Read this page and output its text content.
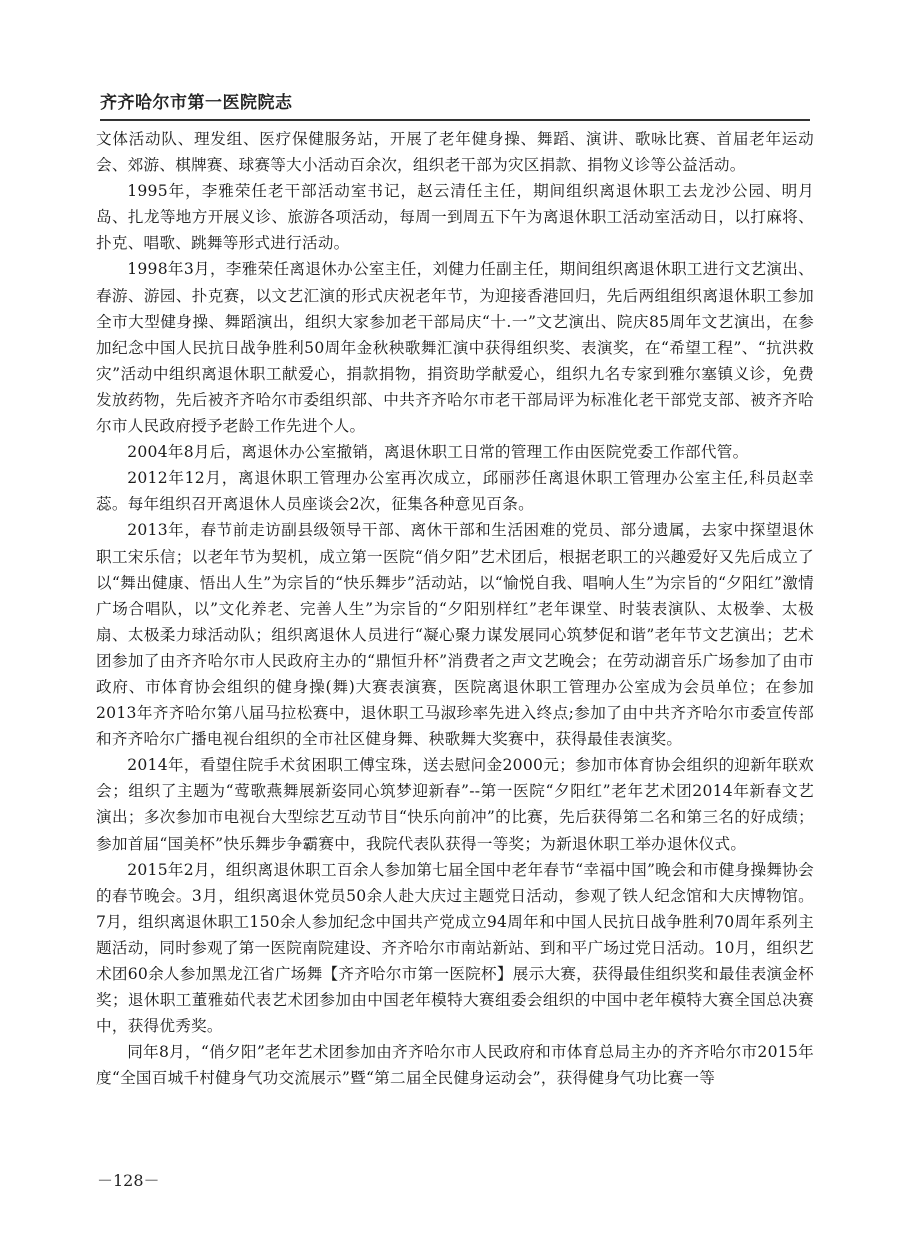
齐齐哈尔市第一医院院志

文体活动队、理发组、医疗保健服务站，开展了老年健身操、舞蹈、演讲、歌咏比赛、首届老年运动会、郊游、棋牌赛、球赛等大小活动百余次，组织老干部为灾区捐款、捐物义诊等公益活动。

1995年，李雅荣任老干部活动室书记，赵云清任主任，期间组织离退休职工去龙沙公园、明月岛、扎龙等地方开展义诊、旅游各项活动，每周一到周五下午为离退休职工活动室活动日，以打麻将、扑克、唱歌、跳舞等形式进行活动。

1998年3月，李雅荣任离退休办公室主任，刘健力任副主任，期间组织离退休职工进行文艺演出、春游、游园、扑克赛，以文艺汇演的形式庆祝老年节，为迎接香港回归，先后两组组织离退休职工参加全市大型健身操、舞蹈演出，组织大家参加老干部局庆“十.一”文艺演出、院庆85周年文艺演出，在参加纪念中国人民抗日战争胜利50周年金秋秧歌舞汇演中获得组织奖、表演奖，在“希望工程”、“抗洪救灾”活动中组织离退休职工献爱心，捐款捐物，捐资助学献爱心，组织九名专家到雅尔塞镇义诊，免费发放药物，先后被齐齐哈尔市委组织部、中共齐齐哈尔市老干部局评为标准化老干部党支部、被齐齐哈尔市人民政府授予老龄工作先进个人。

2004年8月后，离退休办公室撤销，离退休职工日常的管理工作由医院党委工作部代管。

2012年12月，离退休职工管理办公室再次成立，邱丽莎任离退休职工管理办公室主任,科员赵幸蕊。每年组织召开离退休人员座谈会2次，征集各种意见百条。

2013年，春节前走访副县级领导干部、离休干部和生活困难的党员、部分遗属，去家中探望退休职工宋乐信；以老年节为契机，成立第一医院“俏夕阳”艺术团后，根据老职工的兴趣爱好又先后成立了以“舞出健康、悟出人生”为宗旨的“快乐舞步”活动站，以“愉悦自我、唱响人生”为宗旨的“夕阳红”激情广场合唱队，以”文化养老、完善人生”为宗旨的“夕阳别样红”老年课堂、时装表演队、太极拳、太极扇、太极柔力球活动队；组织离退休人员进行“凝心聚力谋发展同心筑梦促和谐”老年节文艺演出；艺术团参加了由齐齐哈尔市人民政府主办的“鼎恒升杯”消费者之声文艺晚会；在劳动湖音乐广场参加了由市政府、市体育协会组织的健身操(舞)大赛表演赛，医院离退休职工管理办公室成为会员单位；在参加2013年齐齐哈尔第八届马拉松赛中，退休职工马淑珍率先进入终点;参加了由中共齐齐哈尔市委宣传部和齐齐哈尔广播电视台组织的全市社区健身舞、秧歌舞大奖赛中，获得最佳表演奖。

2014年，看望住院手术贫困职工傅宝珠，送去慰问金2000元；参加市体育协会组织的迎新年联欢会；组织了主题为“莺歌燕舞展新姿同心筑梦迎新春”--第一医院“夕阳红”老年艺术团2014年新春文艺演出；多次参加市电视台大型综艺互动节目“快乐向前冲”的比赛，先后获得第二名和第三名的好成绩；参加首届“国美杯”快乐舞步争霸赛中，我院代表队获得一等奖；为新退休职工举办退休仪式。

2015年2月，组织离退休职工百余人参加第七届全国中老年春节“幸福中国”晚会和市健身操舞协会的春节晚会。3月，组织离退休党员50余人赴大庆过主题党日活动，参观了铁人纪念馆和大庆博物馆。7月，组织离退休职工150余人参加纪念中国共产党成立94周年和中国人民抗日战争胜利70周年系列主题活动，同时参观了第一医院南院建设、齐齐哈尔市南站新站、到和平广场过党日活动。10月，组织艺术团60余人参加黑龙江省广场舞【齐齐哈尔市第一医院杯】展示大赛，获得最佳组织奖和最佳表演金杯奖；退休职工董雅茹代表艺术团参加由中国老年模特大赛组委会组织的中国中老年模特大赛全国总决赛中，获得优秀奖。

同年8月，“俏夕阳”老年艺术团参加由齐齐哈尔市人民政府和市体育总局主办的齐齐哈尔市2015年度“全国百城千村健身气功交流展示”暨“第二届全民健身运动会”，获得健身气功比赛一等

－128－
